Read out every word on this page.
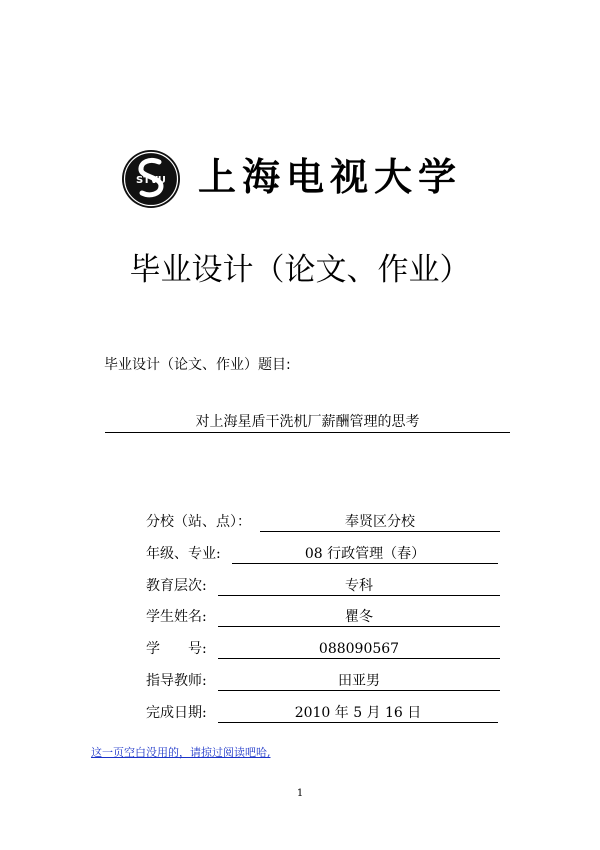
STVU 上海电视大学
毕业设计（论文、作业）
毕业设计（论文、作业）题目:
对上海星盾干洗机厂薪酬管理的思考
分校（站、点）：	奉贤区分校
年级、专业:	08 行政管理（春）
教育层次:	专科
学生姓名:	瞿冬
学　　号:	088090567
指导教师:	田亚男
完成日期:	2010 年 5 月 16 日
这一页空白没用的，请掠过阅读吧哈,
1
